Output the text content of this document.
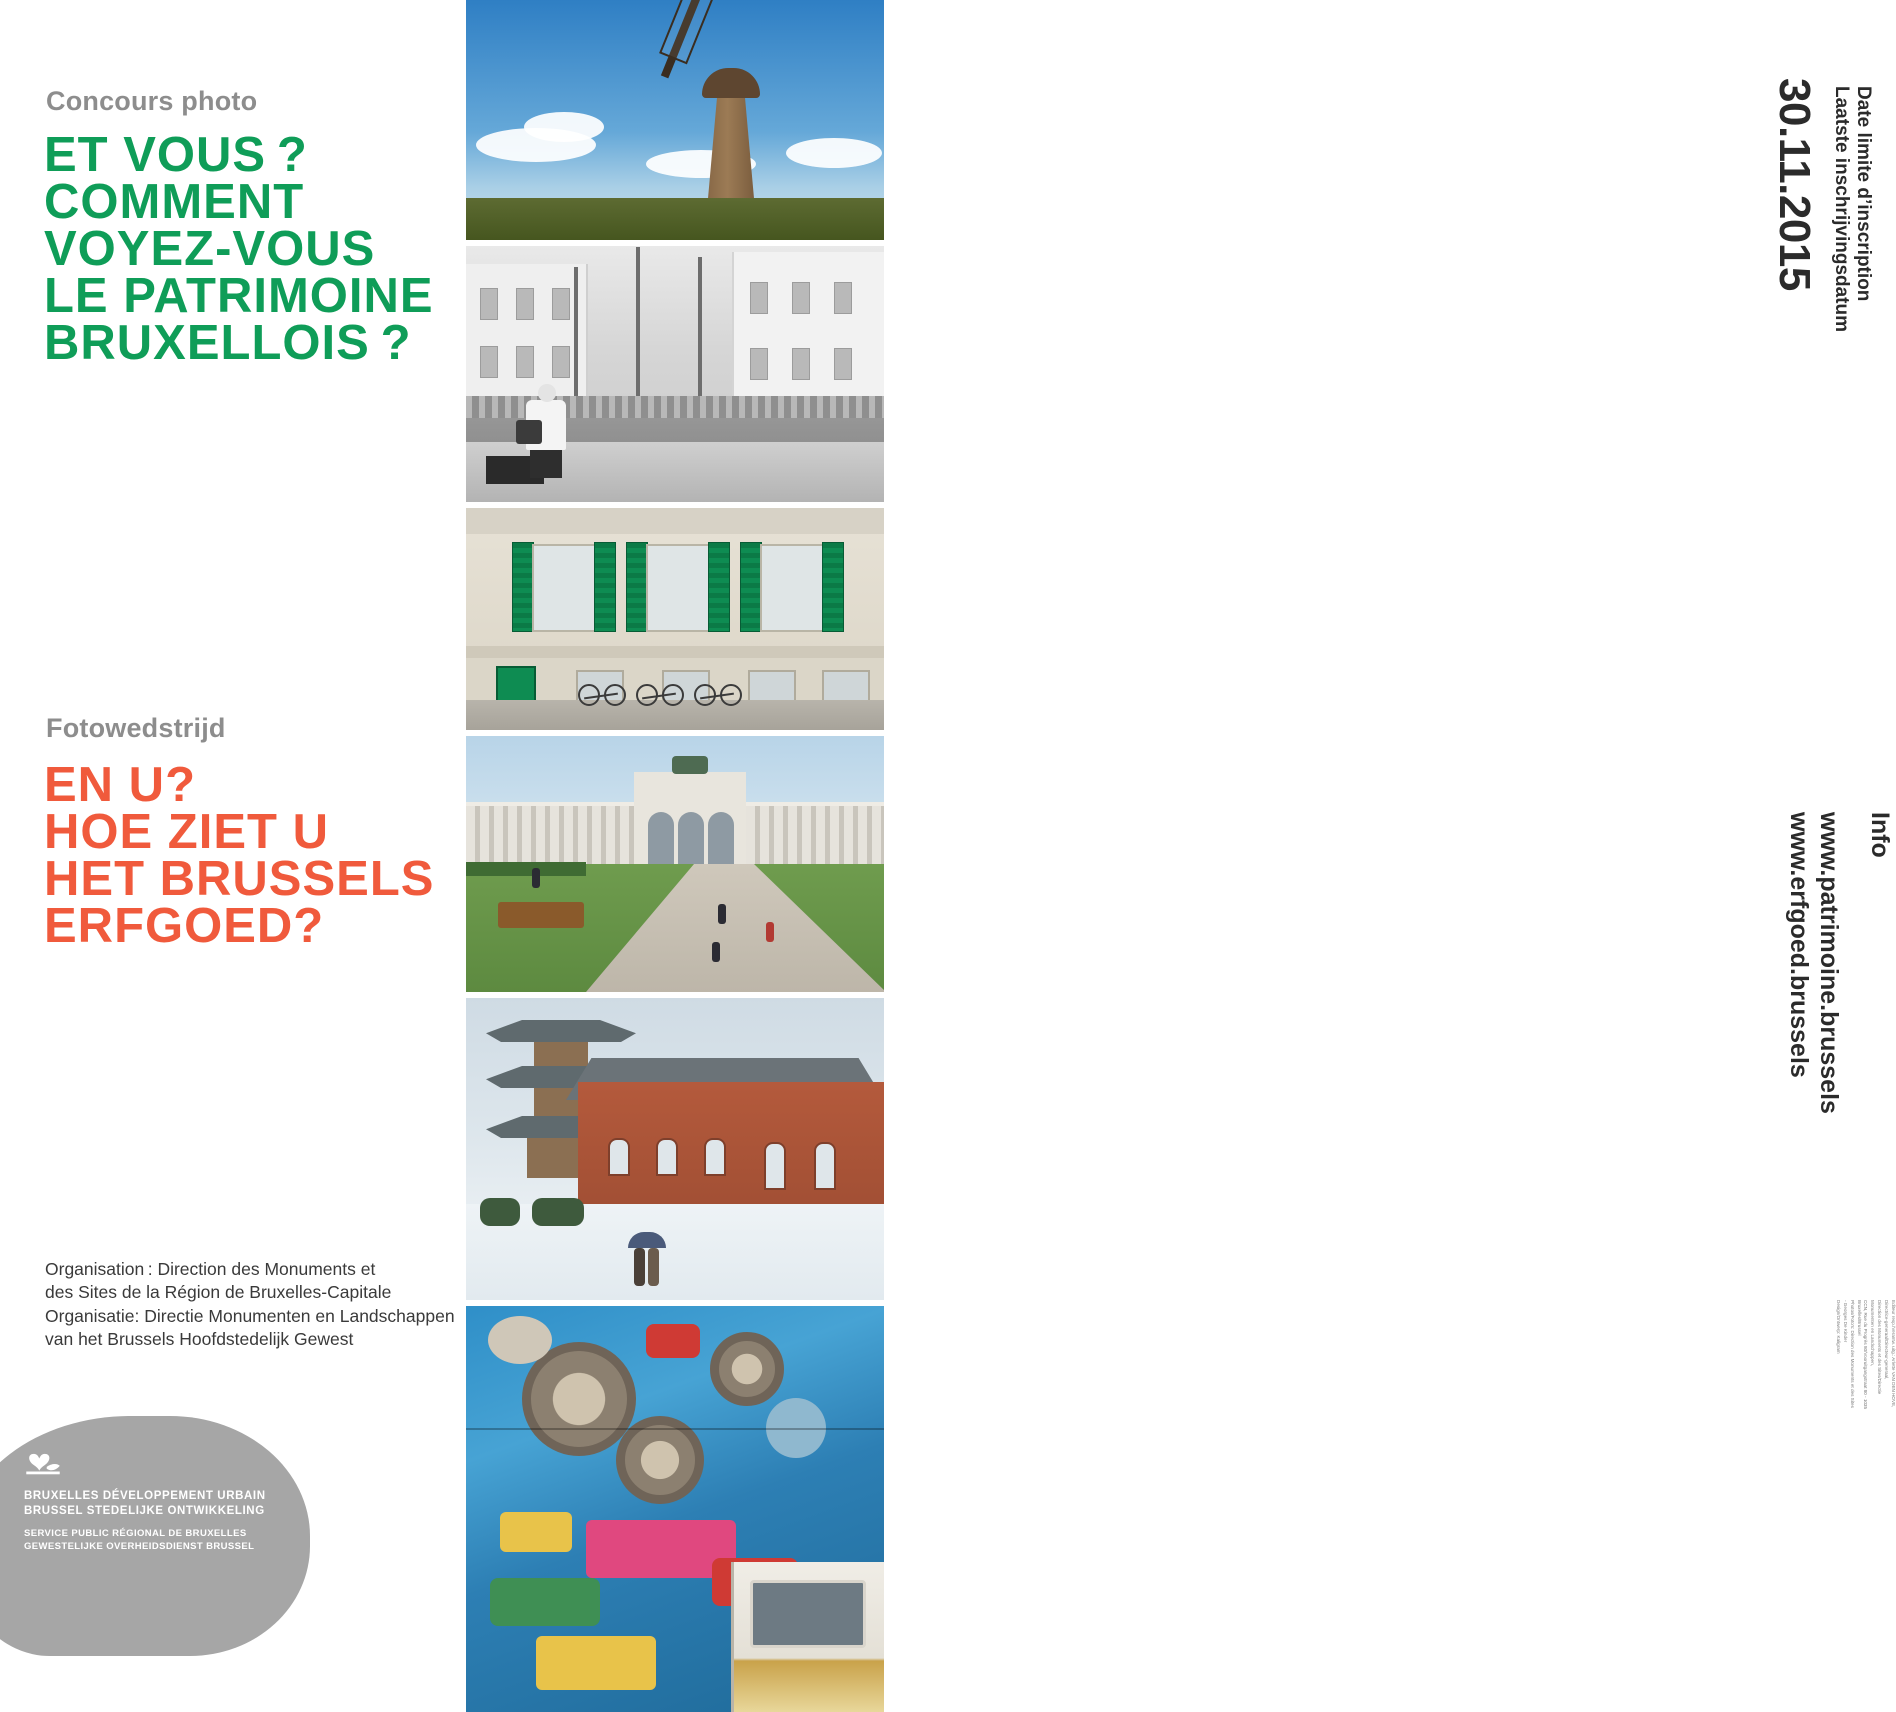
Concours photo
ET VOUS ?
COMMENT
VOYEZ-VOUS
LE PATRIMOINE
BRUXELLOIS ?
Fotowedstrijd
EN U?
HOE ZIET U
HET BRUSSELS
ERFGOED?
Organisation : Direction des Monuments et
des Sites de la Région de Bruxelles-Capitale
Organisatie: Directie Monumenten en Landschappen
van het Brussels Hoofdstedelijk Gewest
BRUXELLES DÉVELOPPEMENT URBAIN
BRUSSEL STEDELIJKE ONTWIKKELING
SERVICE PUBLIC RÉGIONAL DE BRUXELLES
GEWESTELIJKE OVERHEIDSDIENST BRUSSEL
30.11.2015 Date limite d’inscription
Laatste inschrijvingsdatum
Info
www.patrimoine.brussels
www.erfgoed.brussels
Editeur resp./Verantw. uitg.: Arlette VAN DEN HOVE, Directrice-generaal/Directeur-generaal,
Direction des Monuments et des Sites/Directie Monumenten en Landschappen,
CCN, Rue du Progrès 80/Vooruitgangstraat 80 - 1035 Bruxelles/Brussel
Photos/Foto's: Direction des Monuments et des Sites - Georges De Kinder
Design/Ontwerp: Kaligram
